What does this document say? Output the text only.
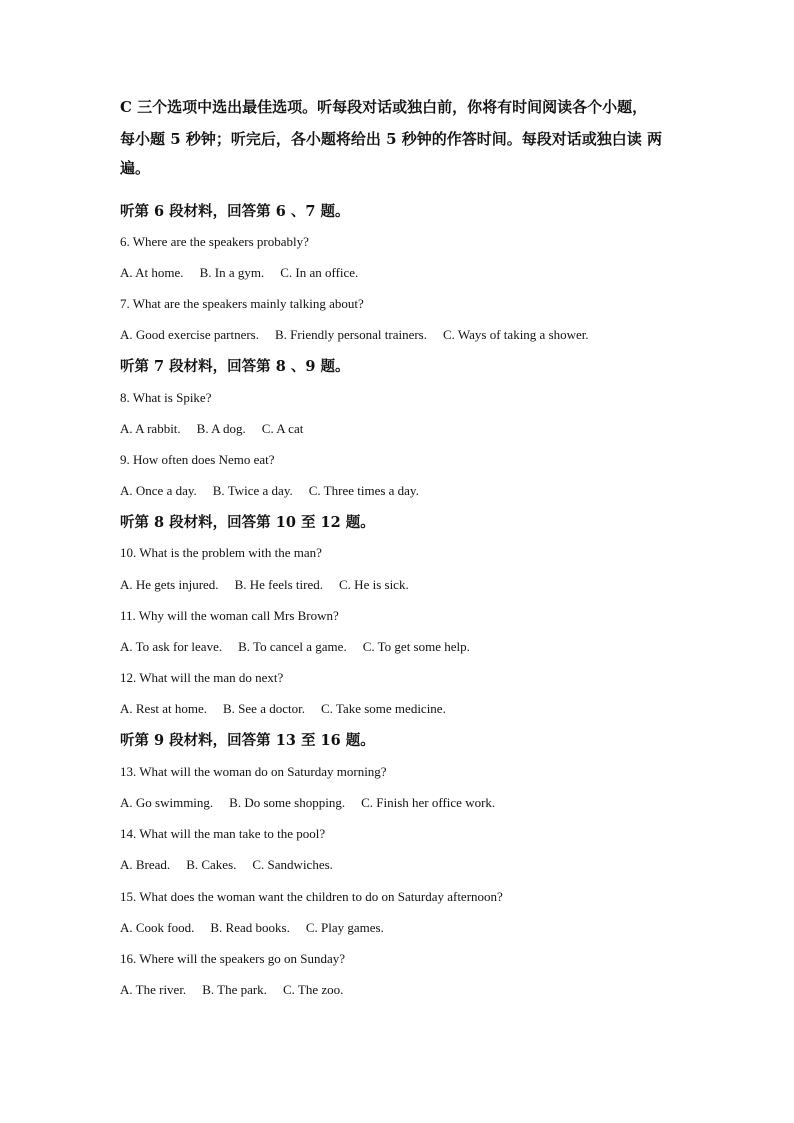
C 三个选项中选出最佳选项。听每段对话或独白前，你将有时间阅读各个小题，
每小题 5 秒钟；听完后，各小题将给出 5 秒钟的作答时间。每段对话或独白读 两
遍。
听第 6 段材料，回答第 6 、7 题。
6. Where are the speakers probably?
A. At home. B. In a gym. C. In an office.
7. What are the speakers mainly talking about?
A. Good exercise partners. B. Friendly personal trainers. C. Ways of taking a shower.
听第 7 段材料，回答第 8 、9 题。
8. What is Spike?
A. A rabbit. B. A dog. C. A cat
9. How often does Nemo eat?
A. Once a day. B. Twice a day. C. Three times a day.
听第 8 段材料，回答第 10 至 12 题。
10. What is the problem with the man?
A. He gets injured. B. He feels tired. C. He is sick.
11. Why will the woman call Mrs Brown?
A. To ask for leave. B. To cancel a game. C. To get some help.
12. What will the man do next?
A. Rest at home. B. See a doctor. C. Take some medicine.
听第 9 段材料，回答第 13 至 16 题。
13. What will the woman do on Saturday morning?
A. Go swimming. B. Do some shopping. C. Finish her office work.
14. What will the man take to the pool?
A. Bread. B. Cakes. C. Sandwiches.
15. What does the woman want the children to do on Saturday afternoon?
A. Cook food. B. Read books. C. Play games.
16. Where will the speakers go on Sunday?
A. The river. B. The park. C. The zoo.
